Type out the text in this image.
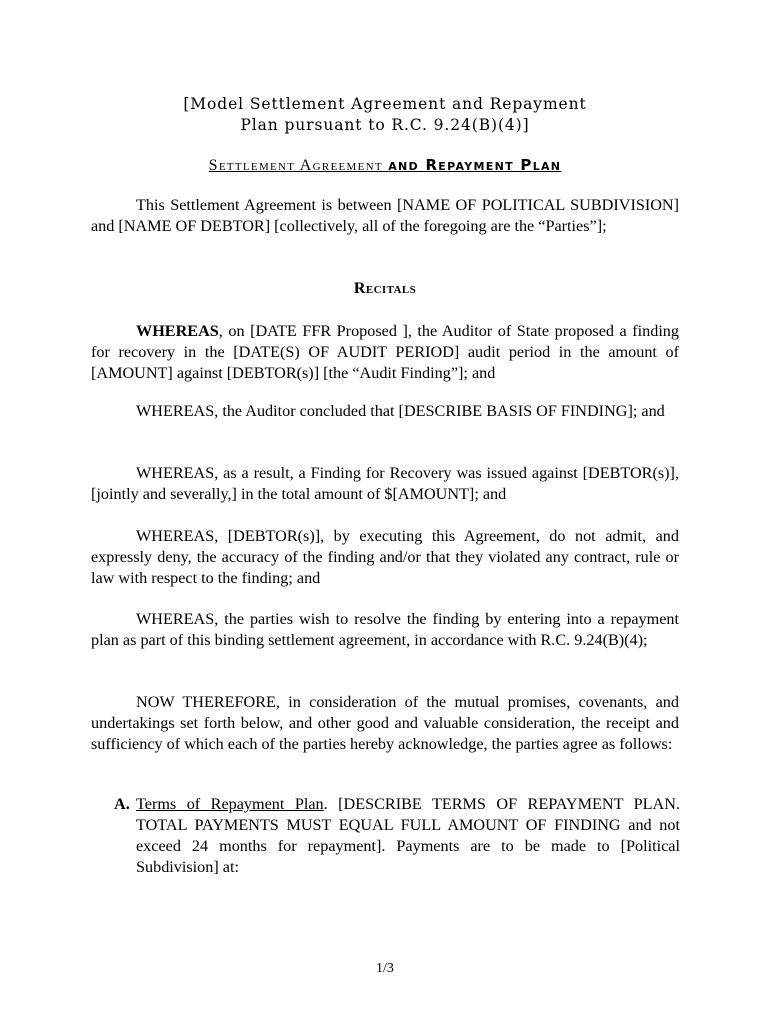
[Model Settlement Agreement and Repayment
Plan pursuant to R.C. 9.24(B)(4)]
Settlement Agreement and Repayment Plan
This Settlement Agreement is between [NAME OF POLITICAL SUBDIVISION] and [NAME OF DEBTOR] [collectively, all of the foregoing are the “Parties”];
Recitals
WHEREAS, on [DATE FFR Proposed ], the Auditor of State proposed a finding for recovery in the [DATE(S) OF AUDIT PERIOD] audit period in the amount of [AMOUNT] against [DEBTOR(s)] [the “Audit Finding”]; and
WHEREAS, the Auditor concluded that [DESCRIBE BASIS OF FINDING]; and
WHEREAS, as a result, a Finding for Recovery was issued against [DEBTOR(s)], [jointly and severally,] in the total amount of $[AMOUNT]; and
WHEREAS, [DEBTOR(s)], by executing this Agreement, do not admit, and expressly deny, the accuracy of the finding and/or that they violated any contract, rule or law with respect to the finding; and
WHEREAS, the parties wish to resolve the finding by entering into a repayment plan as part of this binding settlement agreement, in accordance with R.C. 9.24(B)(4);
NOW THEREFORE, in consideration of the mutual promises, covenants, and undertakings set forth below, and other good and valuable consideration, the receipt and sufficiency of which each of the parties hereby acknowledge, the parties agree as follows:
A. Terms of Repayment Plan. [DESCRIBE TERMS OF REPAYMENT PLAN. TOTAL PAYMENTS MUST EQUAL FULL AMOUNT OF FINDING and not exceed 24 months for repayment]. Payments are to be made to [Political Subdivision] at:
1/3
